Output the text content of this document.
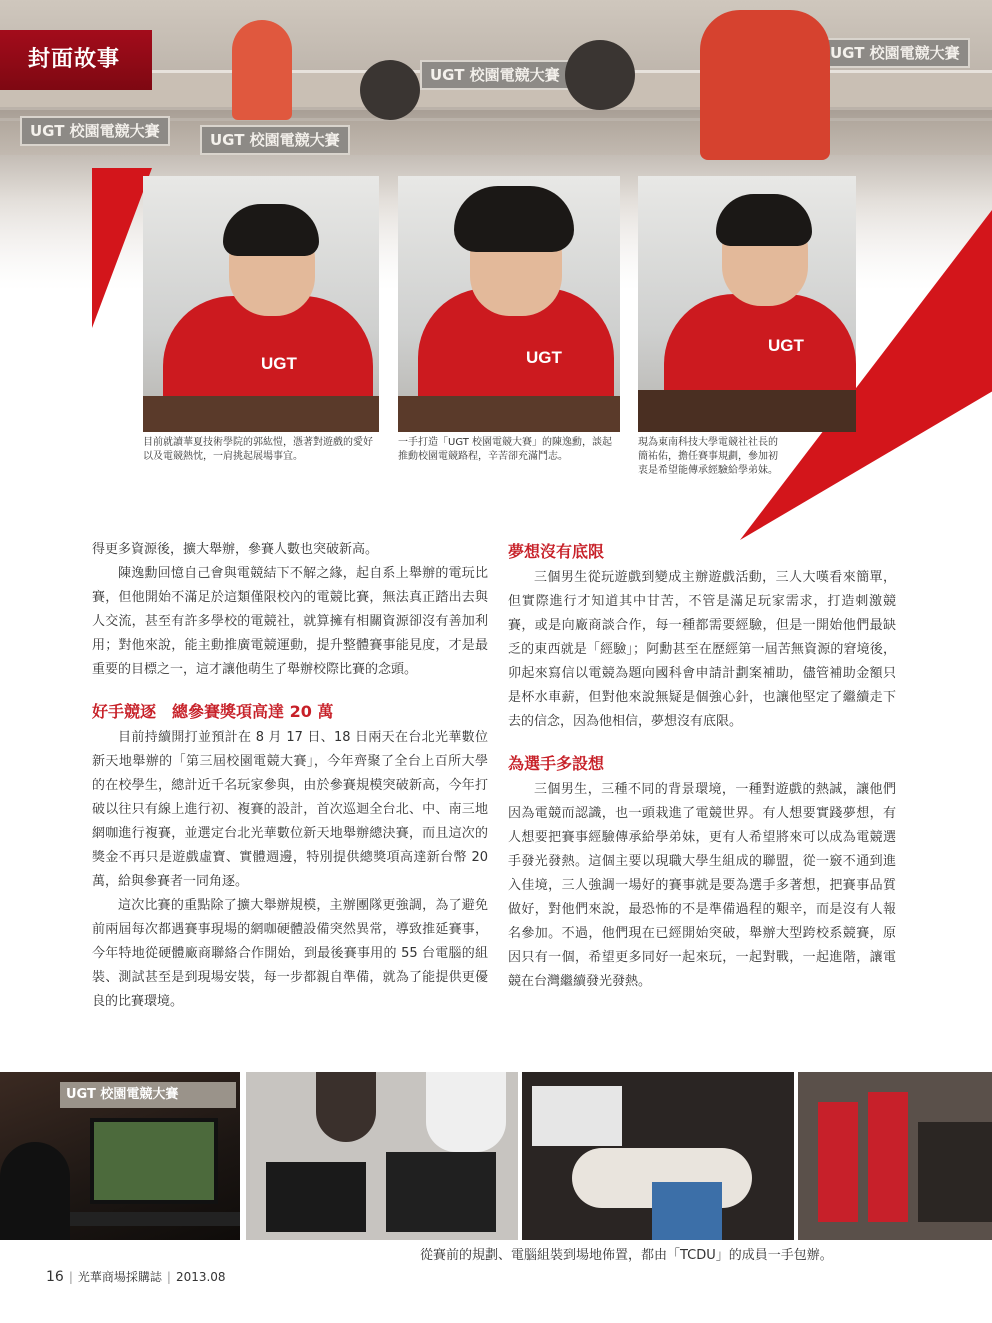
UGT 校園電競大賽	UGT 校園電競大賽
UGT 校園電競大賽
UGT 校園電競大賽
封面故事
UGT	UGT
UGT
目前就讀華夏技術學院的郭紘愷，憑著對遊戲的愛好以及電競熱忱，一肩挑起展場事宜。
一手打造「UGT 校園電競大賽」的陳逸勳，談起推動校園電競路程，辛苦卻充滿鬥志。
現為東南科技大學電競社社長的簡祐佑，擔任賽事規劃，參加初衷是希望能傳承經驗給學弟妹。

得更多資源後，擴大舉辦，參賽人數也突破新高。

陳逸勳回憶自己會與電競結下不解之緣，起自系上舉辦的電玩比賽，但他開始不滿足於這類僅限校內的電競比賽，無法真正踏出去與人交流，甚至有許多學校的電競社，就算擁有相關資源卻沒有善加利用；對他來說，能主動推廣電競運動，提升整體賽事能見度，才是最重要的目標之一，這才讓他萌生了舉辦校際比賽的念頭。

好手競逐　總參賽獎項高達 20 萬

目前持續開打並預計在 8 月 17 日、18 日兩天在台北光華數位新天地舉辦的「第三屆校園電競大賽」，今年齊聚了全台上百所大學的在校學生，總計近千名玩家參與，由於參賽規模突破新高，今年打破以往只有線上進行初、複賽的設計，首次巡迴全台北、中、南三地網咖進行複賽，並選定台北光華數位新天地舉辦總決賽，而且這次的獎金不再只是遊戲虛寶、實體週邊，特別提供總獎項高達新台幣 20 萬，給與參賽者一同角逐。

這次比賽的重點除了擴大舉辦規模，主辦團隊更強調，為了避免前兩屆每次都遇賽事現場的網咖硬體設備突然異常，導致推延賽事，今年特地從硬體廠商聯絡合作開始，到最後賽事用的 55 台電腦的組裝、測試甚至是到現場安裝，每一步都親自準備，就為了能提供更優良的比賽環境。

夢想沒有底限

三個男生從玩遊戲到變成主辦遊戲活動，三人大嘆看來簡單，但實際進行才知道其中甘苦，不管是滿足玩家需求，打造刺激競賽，或是向廠商談合作，每一種都需要經驗，但是一開始他們最缺乏的東西就是「經驗」；阿勳甚至在歷經第一屆苦無資源的窘境後，卯起來寫信以電競為題向國科會申請計劃案補助，儘管補助金額只是杯水車薪，但對他來說無疑是個強心針，也讓他堅定了繼續走下去的信念，因為他相信，夢想沒有底限。

為選手多設想

三個男生，三種不同的背景環境，一種對遊戲的熱誠，讓他們因為電競而認識，也一頭栽進了電競世界。有人想要實踐夢想，有人想要把賽事經驗傳承給學弟妹，更有人希望將來可以成為電競選手發光發熱。這個主要以現職大學生組成的聯盟，從一竅不通到進入佳境，三人強調一場好的賽事就是要為選手多著想，把賽事品質做好，對他們來說，最恐怖的不是準備過程的艱辛，而是沒有人報名參加。不過，他們現在已經開始突破，舉辦大型跨校系競賽，原因只有一個，希望更多同好一起來玩，一起對戰，一起進階，讓電競在台灣繼續發光發熱。

UGT 校園電競大賽
從賽前的規劃、電腦組裝到場地佈置，都由「TCDU」的成員一手包辦。
16 | 光華商場採購誌 | 2013.08
